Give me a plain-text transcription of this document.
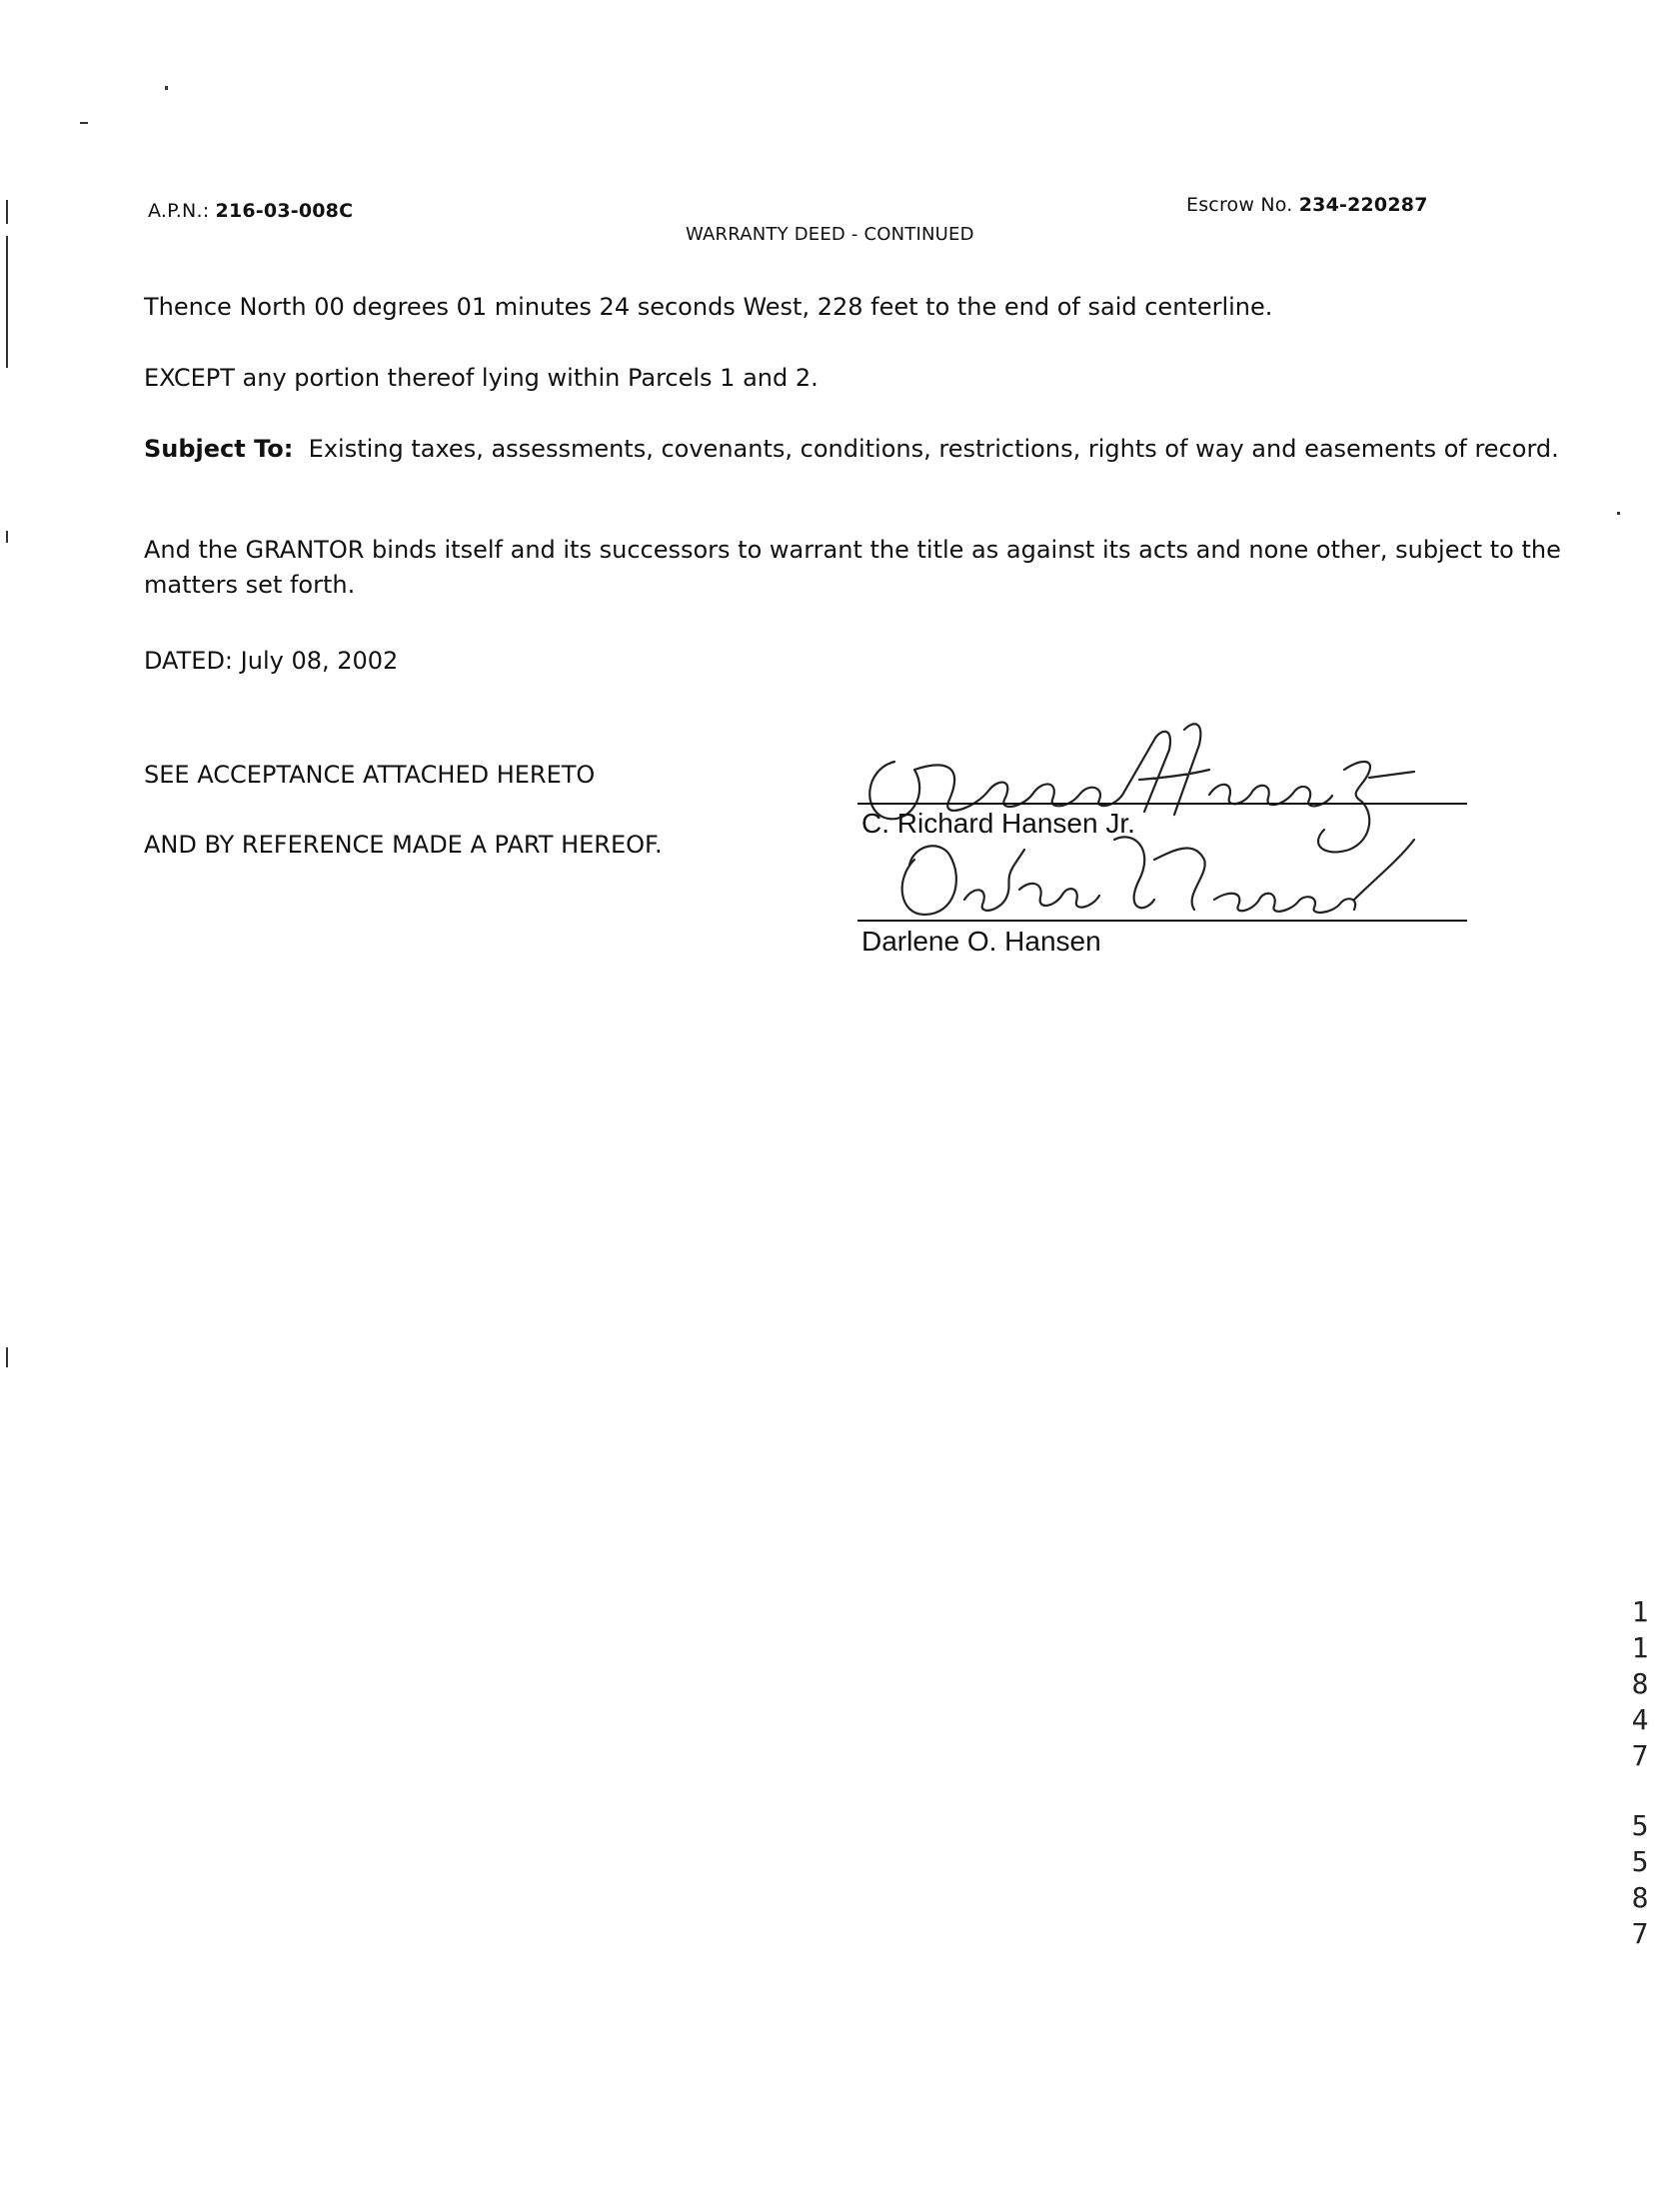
A.P.N.: 216-03-008C	Escrow No. 234-220287
WARRANTY DEED - CONTINUED
Thence North 00 degrees 01 minutes 24 seconds West, 228 feet to the end of said centerline.
EXCEPT any portion thereof lying within Parcels 1 and 2.
Subject To: Existing taxes, assessments, covenants, conditions, restrictions, rights of way and easements of record.
And the GRANTOR binds itself and its successors to warrant the title as against its acts and none other, subject to the matters set forth.
DATED: July 08, 2002
SEE ACCEPTANCE ATTACHED HERETO
AND BY REFERENCE MADE A PART HEREOF.
C. Richard Hansen Jr.
Darlene O. Hansen
1
1
8
4
7
5
5
8
7
